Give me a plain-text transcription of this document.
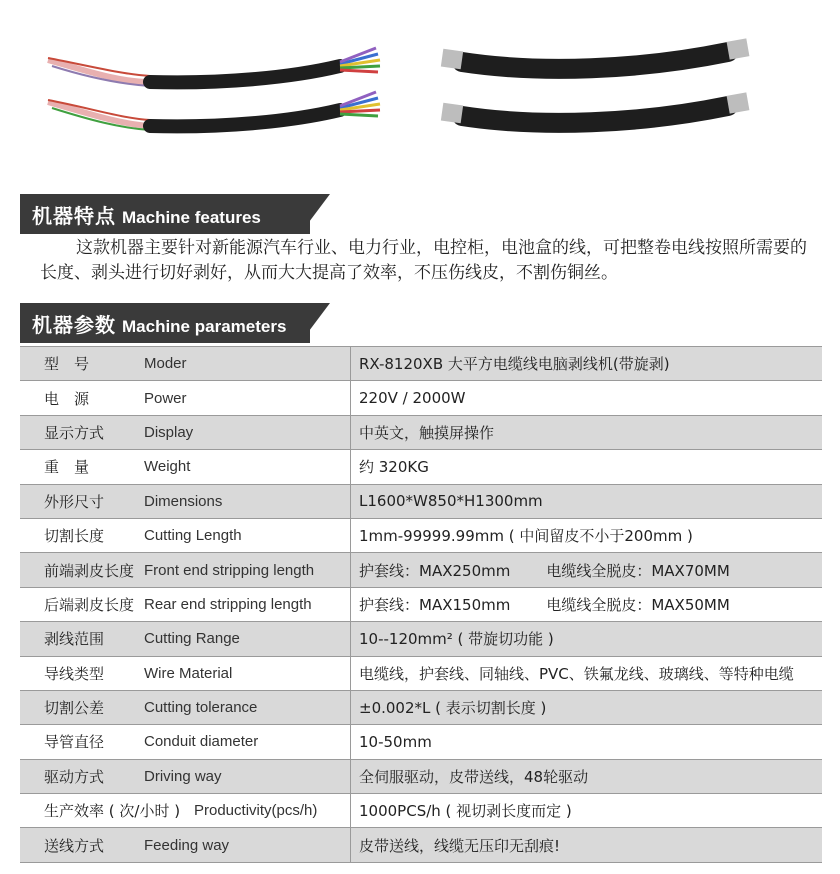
机器特点 Machine features
这款机器主要针对新能源汽车行业、电力行业，电控柜，电池盒的线，可把整卷电线按照所需要的长度、剥头进行切好剥好，从而大大提高了效率，不压伤线皮，不割伤铜丝。
机器参数 Machine parameters
型　号	Moder	RX-8120XB 大平方电缆线电脑剥线机(带旋剥)
电　源	Power	220V / 2000W
显示方式	Display	中英文，触摸屏操作
重　量	Weight	约 320KG
外形尺寸	Dimensions	L1600*W850*H1300mm
切割长度	Cutting Length	1mm-99999.99mm ( 中间留皮不小于200mm )
前端剥皮长度	Front end stripping length	护套线：MAX250mm 电缆线全脱皮：MAX70MM
后端剥皮长度	Rear end stripping length	护套线：MAX150mm 电缆线全脱皮：MAX50MM
剥线范围	Cutting Range	10--120mm² ( 带旋切功能 )
导线类型	Wire Material	电缆线，护套线、同轴线、PVC、铁氟龙线、玻璃线、等特种电缆
切割公差	Cutting tolerance	±0.002*L ( 表示切割长度 )
导管直径	Conduit diameter	10-50mm
驱动方式	Driving way	全伺服驱动，皮带送线，48轮驱动
生产效率 ( 次/小时 )	Productivity(pcs/h)	1000PCS/h ( 视切剥长度而定 )
送线方式	Feeding way	皮带送线，线缆无压印无刮痕!
